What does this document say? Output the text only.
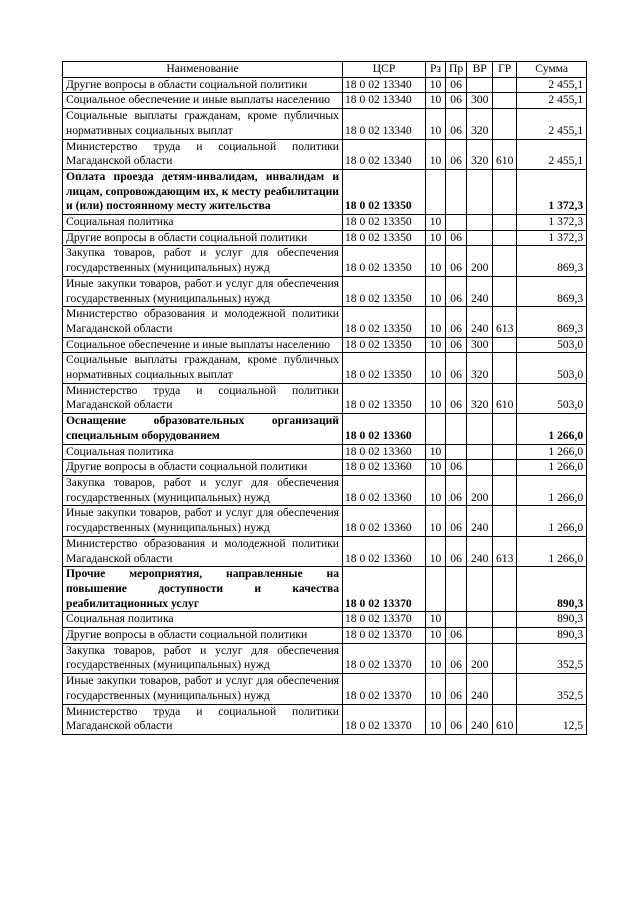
Наименование	ЦСР	Рз	Пр	ВР	ГР	Сумма
Другие вопросы в области социальной политики	18 0 02 13340	10	06			2 455,1
Социальное обеспечение и иные выплаты населению	18 0 02 13340	10	06	300		2 455,1
Социальные выплаты гражданам, кроме публичных нормативных социальных выплат	18 0 02 13340	10	06	320		2 455,1
Министерство труда и социальной политики Магаданской области	18 0 02 13340	10	06	320	610	2 455,1
Оплата проезда детям-инвалидам, инвалидам и лицам, сопровождающим их, к месту реабилитации и (или) постоянному месту жительства	18 0 02 13350					1 372,3
Социальная политика	18 0 02 13350	10				1 372,3
Другие вопросы в области социальной политики	18 0 02 13350	10	06			1 372,3
Закупка товаров, работ и услуг для обеспечения государственных (муниципальных) нужд	18 0 02 13350	10	06	200		869,3
Иные закупки товаров, работ и услуг для обеспечения государственных (муниципальных) нужд	18 0 02 13350	10	06	240		869,3
Министерство образования и молодежной политики Магаданской области	18 0 02 13350	10	06	240	613	869,3
Социальное обеспечение и иные выплаты населению	18 0 02 13350	10	06	300		503,0
Социальные выплаты гражданам, кроме публичных нормативных социальных выплат	18 0 02 13350	10	06	320		503,0
Министерство труда и социальной политики Магаданской области	18 0 02 13350	10	06	320	610	503,0
Оснащение образовательных организаций специальным оборудованием	18 0 02 13360					1 266,0
Социальная политика	18 0 02 13360	10				1 266,0
Другие вопросы в области социальной политики	18 0 02 13360	10	06			1 266,0
Закупка товаров, работ и услуг для обеспечения государственных (муниципальных) нужд	18 0 02 13360	10	06	200		1 266,0
Иные закупки товаров, работ и услуг для обеспечения государственных (муниципальных) нужд	18 0 02 13360	10	06	240		1 266,0
Министерство образования и молодежной политики Магаданской области	18 0 02 13360	10	06	240	613	1 266,0
Прочие мероприятия, направленные на повышение доступности и качества реабилитационных услуг	18 0 02 13370					890,3
Социальная политика	18 0 02 13370	10				890,3
Другие вопросы в области социальной политики	18 0 02 13370	10	06			890,3
Закупка товаров, работ и услуг для обеспечения государственных (муниципальных) нужд	18 0 02 13370	10	06	200		352,5
Иные закупки товаров, работ и услуг для обеспечения государственных (муниципальных) нужд	18 0 02 13370	10	06	240		352,5
Министерство труда и социальной политики Магаданской области	18 0 02 13370	10	06	240	610	12,5
